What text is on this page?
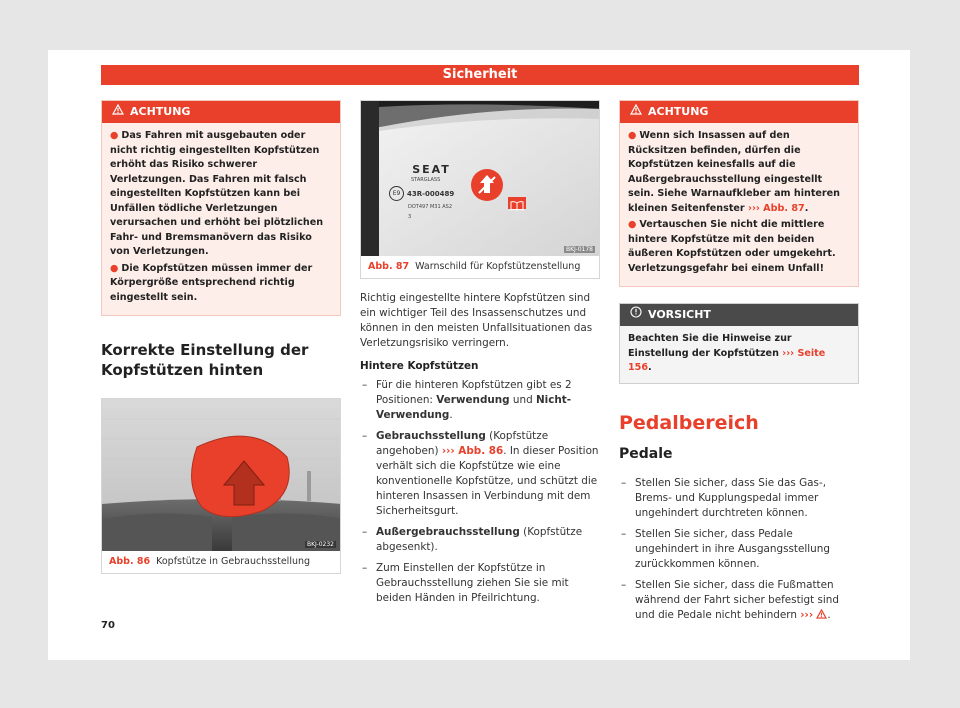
Sicherheit
ACHTUNG

● Das Fahren mit ausgebauten oder nicht richtig eingestellten Kopfstützen erhöht das Risiko schwerer Verletzungen. Das Fahren mit falsch eingestellten Kopfstützen kann bei Unfällen tödliche Verletzungen verursachen und erhöht bei plötzlichen Fahr- und Bremsmanövern das Risiko von Verletzungen.

● Die Kopfstützen müssen immer der Körpergröße entsprechend richtig eingestellt sein.

Korrekte Einstellung der Kopfstützen hinten
BKJ-0232
Abb. 86 Kopfstütze in Gebrauchsstellung
SEAT
STARGLASS
E9 43R-000489
DOT497 M31 AS2
3
BKJ-0178
Abb. 87 Warnschild für Kopfstützenstellung

Richtig eingestellte hintere Kopfstützen sind ein wichtiger Teil des Insassenschutzes und können in den meisten Unfallsituationen das Verletzungsrisiko verringern.

Hintere Kopfstützen

– Für die hinteren Kopfstützen gibt es 2 Positionen: Verwendung und Nicht-Verwendung.
– Gebrauchsstellung (Kopfstütze angehoben) ››› Abb. 86. In dieser Position verhält sich die Kopfstütze wie eine konventionelle Kopfstütze, und schützt die hinteren Insassen in Verbindung mit dem Sicherheitsgurt.
– Außergebrauchsstellung (Kopfstütze abgesenkt).
– Zum Einstellen der Kopfstütze in Gebrauchsstellung ziehen Sie sie mit beiden Händen in Pfeilrichtung.
ACHTUNG

● Wenn sich Insassen auf den Rücksitzen befinden, dürfen die Kopfstützen keinesfalls auf die Außergebrauchsstellung eingestellt sein. Siehe Warnaufkleber am hinteren kleinen Seitenfenster ››› Abb. 87.

● Vertauschen Sie nicht die mittlere hintere Kopfstütze mit den beiden äußeren Kopfstützen oder umgekehrt. Verletzungsgefahr bei einem Unfall!

VORSICHT
Beachten Sie die Hinweise zur Einstellung der Kopfstützen ››› Seite 156.
Pedalbereich
Pedale
– Stellen Sie sicher, dass Sie das Gas-, Brems- und Kupplungspedal immer ungehindert durchtreten können.
– Stellen Sie sicher, dass Pedale ungehindert in ihre Ausgangsstellung zurückkommen können.
– Stellen Sie sicher, dass die Fußmatten während der Fahrt sicher befestigt sind und die Pedale nicht behindern ››› .
70
